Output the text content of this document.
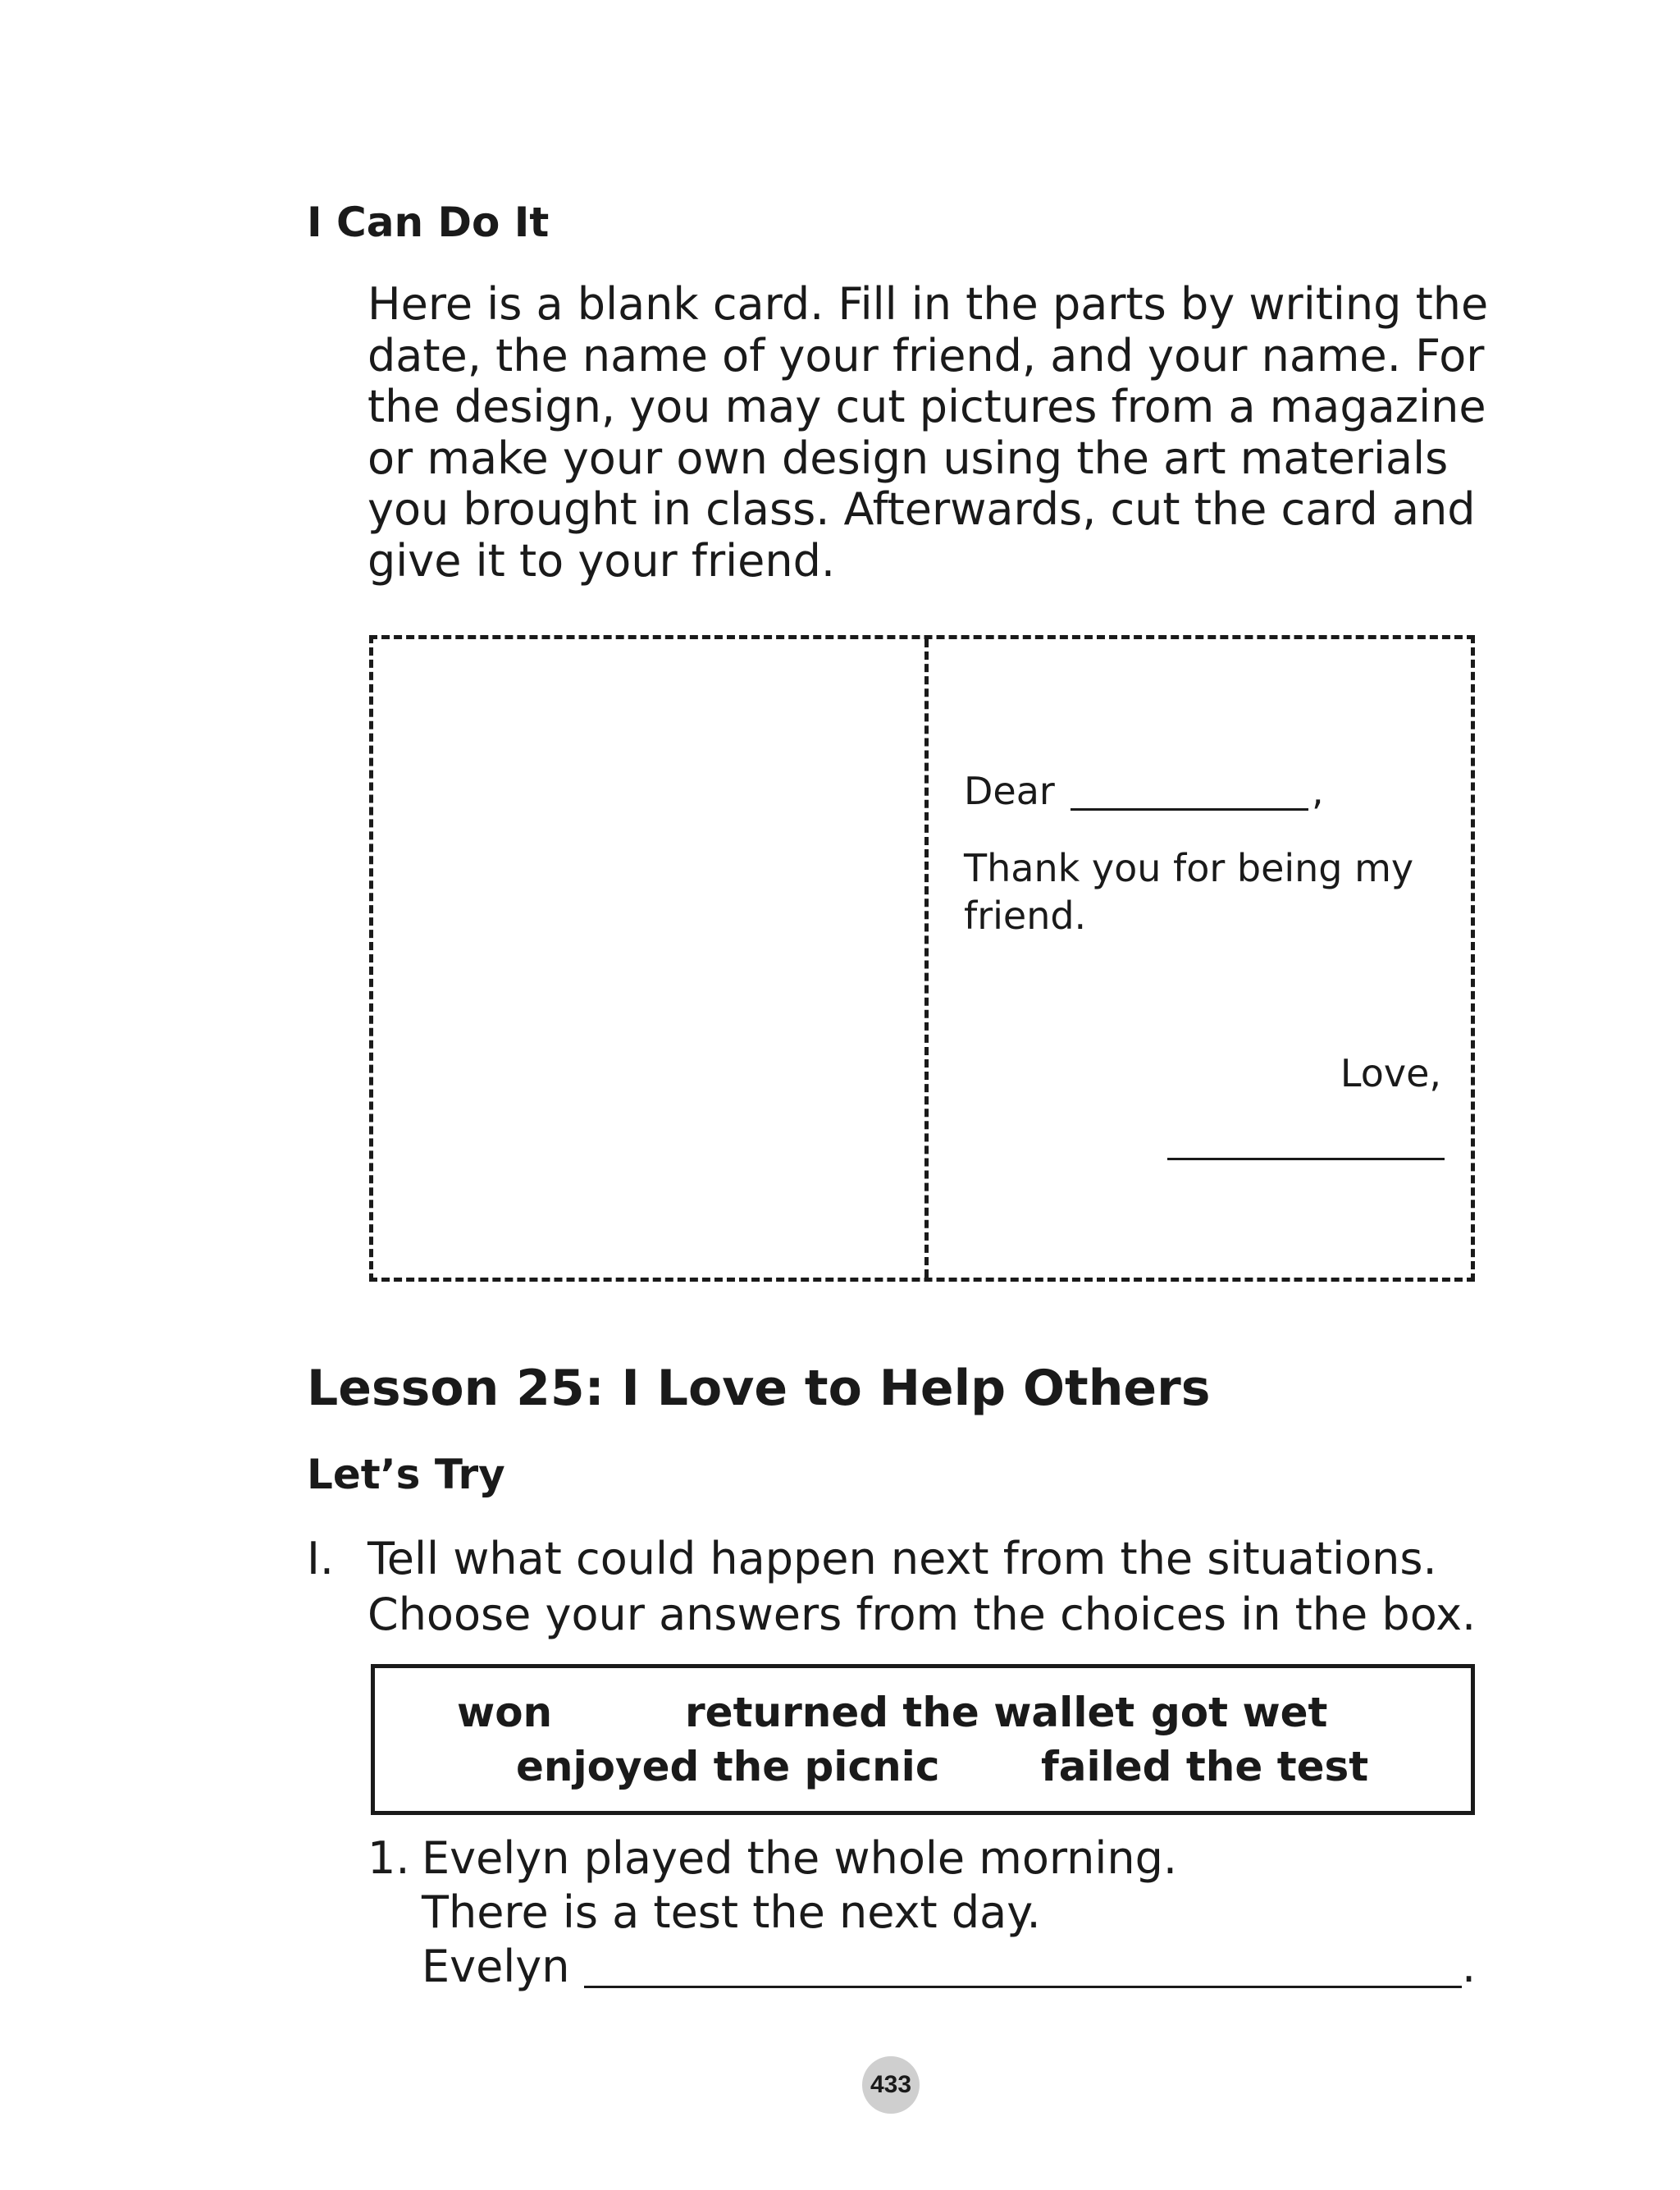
I Can Do It
Here is a blank card. Fill in the parts by writing the
date, the name of your friend, and your name. For
the design, you may cut pictures from a magazine
or make your own design using the art materials
you brought in class. Afterwards, cut the card and
give it to your friend.
Dear	,
Thank you for being my
friend.
Love,
Lesson 25: I Love to Help Others
Let’s Try
I. Tell what could happen next from the situations.
Choose your answers from the choices in the box.
won	returned the wallet got wet
enjoyed the picnic failed the test
1. Evelyn played the whole morning.
There is a test the next day.
Evelyn	.
433
